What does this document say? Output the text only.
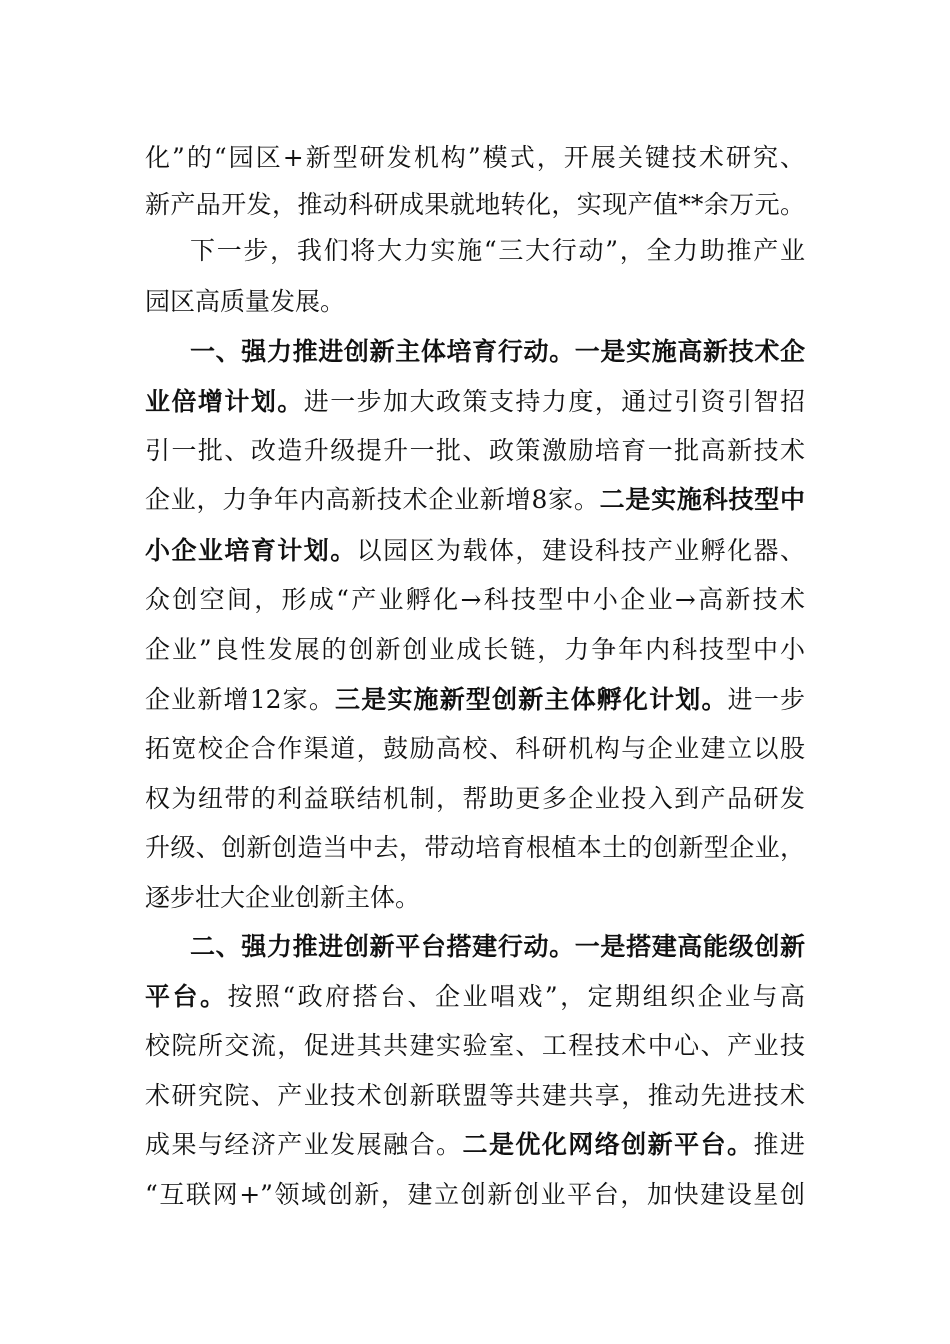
化”的“园区+新型研发机构”模式，开展关键技术研究、
新产品开发，推动科研成果就地转化，实现产值**余万元。
下一步，我们将大力实施“三大行动”，全力助推产业
园区高质量发展。
一、强力推进创新主体培育行动。一是实施高新技术企
业倍增计划。进一步加大政策支持力度，通过引资引智招
引一批、改造升级提升一批、政策激励培育一批高新技术
企业，力争年内高新技术企业新增8家。二是实施科技型中
小企业培育计划。以园区为载体，建设科技产业孵化器、
众创空间，形成“产业孵化→科技型中小企业→高新技术
企业”良性发展的创新创业成长链，力争年内科技型中小
企业新增12家。三是实施新型创新主体孵化计划。进一步
拓宽校企合作渠道，鼓励高校、科研机构与企业建立以股
权为纽带的利益联结机制，帮助更多企业投入到产品研发
升级、创新创造当中去，带动培育根植本土的创新型企业，
逐步壮大企业创新主体。
二、强力推进创新平台搭建行动。一是搭建高能级创新
平台。按照“政府搭台、企业唱戏”，定期组织企业与高
校院所交流，促进其共建实验室、工程技术中心、产业技
术研究院、产业技术创新联盟等共建共享，推动先进技术
成果与经济产业发展融合。二是优化网络创新平台。推进
“互联网+”领域创新，建立创新创业平台，加快建设星创
